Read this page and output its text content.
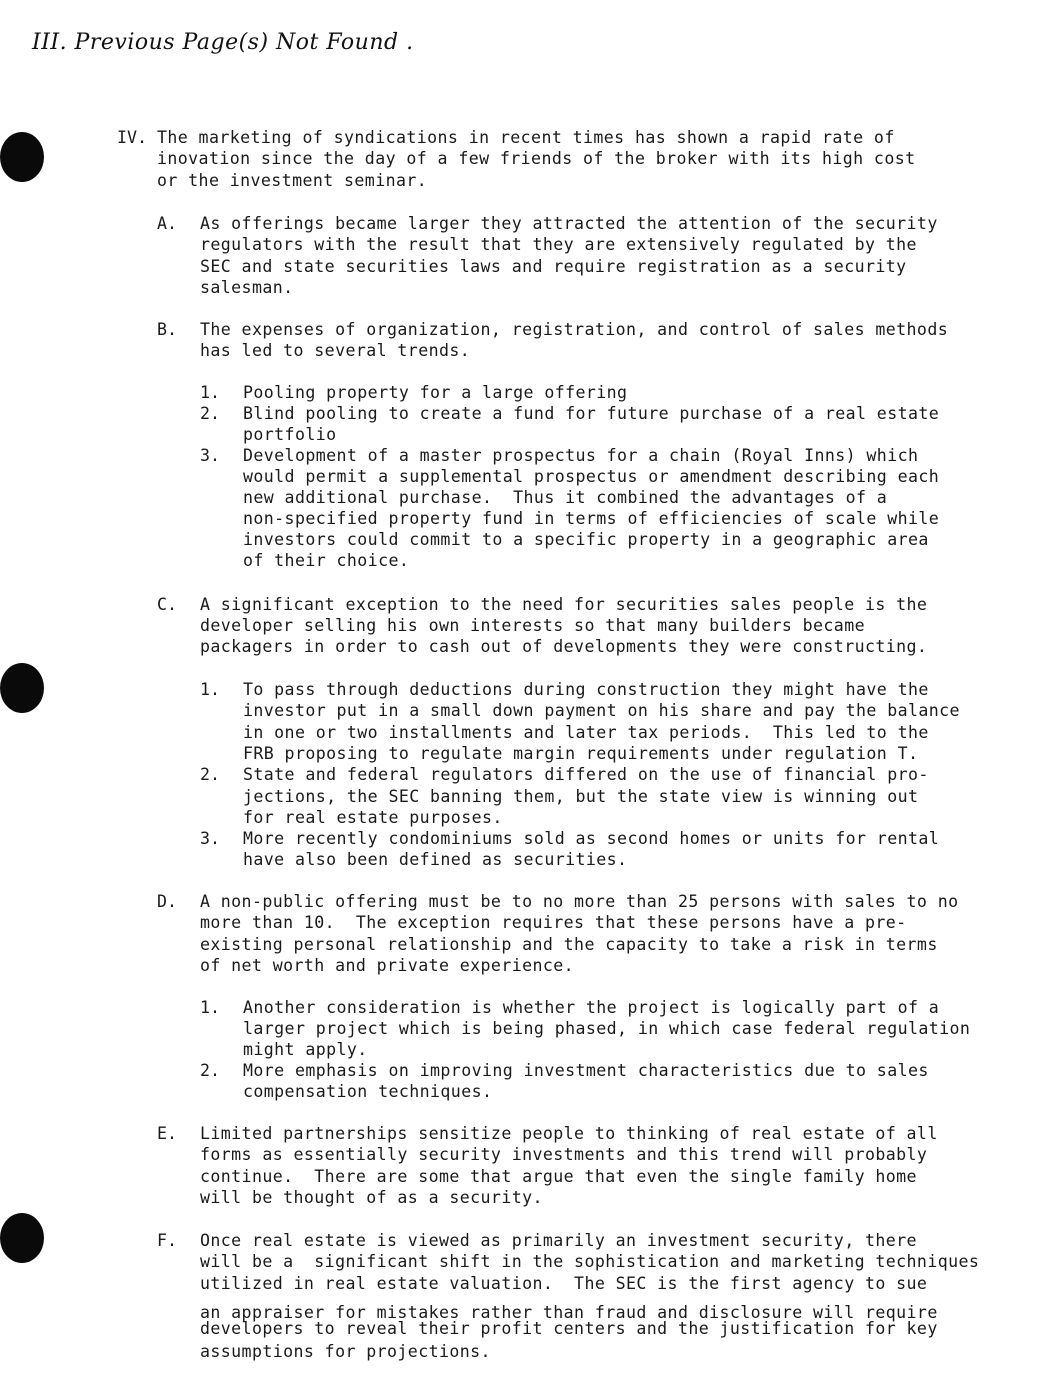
III. Previous Page(s) Not Found .
IV. The marketing of syndications in recent times has shown a rapid rate of
inovation since the day of a few friends of the broker with its high cost
or the investment seminar.
A. As offerings became larger they attracted the attention of the security
regulators with the result that they are extensively regulated by the
SEC and state securities laws and require registration as a security
salesman.
B. The expenses of organization, registration, and control of sales methods
has led to several trends.
1. Pooling property for a large offering
2. Blind pooling to create a fund for future purchase of a real estate
portfolio
3. Development of a master prospectus for a chain (Royal Inns) which
would permit a supplemental prospectus or amendment describing each
new additional purchase.  Thus it combined the advantages of a
non-specified property fund in terms of efficiencies of scale while
investors could commit to a specific property in a geographic area
of their choice.
C. A significant exception to the need for securities sales people is the
developer selling his own interests so that many builders became
packagers in order to cash out of developments they were constructing.
1. To pass through deductions during construction they might have the
investor put in a small down payment on his share and pay the balance
in one or two installments and later tax periods.  This led to the
FRB proposing to regulate margin requirements under regulation T.
2. State and federal regulators differed on the use of financial pro-
jections, the SEC banning them, but the state view is winning out
for real estate purposes.
3. More recently condominiums sold as second homes or units for rental
have also been defined as securities.
D. A non-public offering must be to no more than 25 persons with sales to no
more than 10.  The exception requires that these persons have a pre-
existing personal relationship and the capacity to take a risk in terms
of net worth and private experience.
1. Another consideration is whether the project is logically part of a
larger project which is being phased, in which case federal regulation
might apply.
2. More emphasis on improving investment characteristics due to sales
compensation techniques.
E. Limited partnerships sensitize people to thinking of real estate of all
forms as essentially security investments and this trend will probably
continue.  There are some that argue that even the single family home
will be thought of as a security.
F. Once real estate is viewed as primarily an investment security, there
will be a  significant shift in the sophistication and marketing techniques
utilized in real estate valuation.  The SEC is the first agency to sue
an appraiser for mistakes rather than fraud and disclosure will require
developers to reveal their profit centers and the justification for key
assumptions for projections.
